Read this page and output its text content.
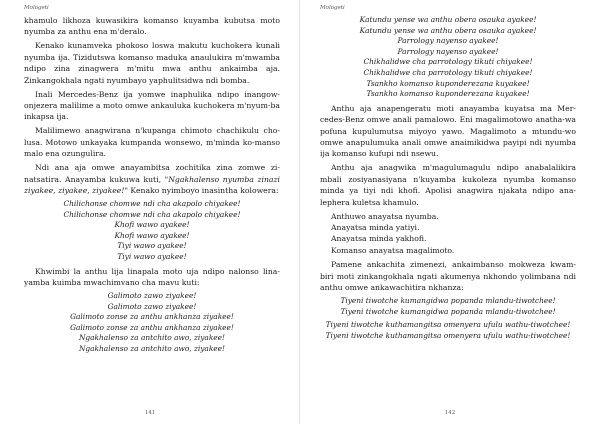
Mologeti

khamulo likhoza kuwasikira komanso kuyamba kubutsa moto nyumba za anthu ena m'deralo.

Kenako kunamveka phokoso loswa makutu kuchokera kunali nyumba ija. Tizidutswa komanso maduka anaulukira m'mwamba ndipo zina zinagwera m'mitu mwa anthu ankaimba aja. Zinkangokhala ngati nyumbayo yaphulitsidwa ndi bomba.

Inali Mercedes-Benz ija yomwe inaphulika ndipo inangow-onjezera malilime a moto omwe ankauluka kuchokera m'nyum-ba inkapsa ija.

Malilimewo anagwirana n'kupanga chimoto chachikulu cho-lusa. Motowo unkayaka kumpanda wonsewo, m'minda ko-manso malo ena ozungulira.

Ndi ana aja omwe anayambitsa zochitika zina zomwe zi-natsatira. Anayamba kukuwa kuti, "Ngakhalenso nyumba zinazi ziyakee, ziyakee, ziyakee!" Kenako nyimboyo inasintha kolowera:

Chilichonse chomwe ndi cha akapolo chiyakee!
Chilichonse chomwe ndi cha akapolo chiyakee!
Khofi wawo ayakee!
Khofi wawo ayakee!
Tiyi wawo ayakee!
Tiyi wawo ayakee!

Khwimbi la anthu lija linapala moto uja ndipo nalonso lina-yamba kuimba mwachimvano cha mavu kuti:

Galimoto zawo ziyakee!
Galimoto zawo ziyakee!
Galimoto zonse za anthu ankhanza ziyakee!
Galimoto zonse za anthu ankhanza ziyakee!
Ngakhalenso za antchito awo, ziyakee!
Ngakhalenso za antchito awo, ziyakee!
141
Mologeti
Katundu yense wa anthu obera osauka ayakee!
Katundu yense wa anthu obera osauka ayakee!
Parrology nayenso ayakee!
Parrology nayenso ayakee!
Chikhalidwe cha parrotology tikuti chiyakee!
Chikhalidwe cha parrotology tikuti chiyakee!
Tsankho komanso kuponderezana kuyakee!
Tsankho komanso kuponderezana kuyakee!

Anthu aja anapengeratu moti anayamba kuyatsa ma Mer-cedes-Benz omwe anali pamalowo. Eni magalimotowo anatha-wa pofuna kupulumutsa miyoyo yawo. Magalimoto a mtundu-wo omwe anapulumuka anali omwe anaimikidwa payipi ndi nyumba ija komanso kufupi ndi nsewu.

Anthu aja anagwika m'magulumagulu ndipo anabalalikira mbali zosiyanasiyana n'kuyamba kukoleza nyumba komanso minda ya tiyi ndi khofi. Apolisi anagwira njakata ndipo ana-lephera kuletsa khamulo.

Anthuwo anayatsa nyumba.
Anayatsa minda yatiyi.
Anayatsa minda yakhofi.
Komanso anayatsa magalimoto.

Pamene ankachita zimenezi, ankaimbanso mokweza kwam-biri moti zinkangokhala ngati akumenya nkhondo yolimbana ndi anthu omwe ankawachitira nkhanza:

Tiyeni tiwotche kumangidwa popanda mlandu-tiwotchee!
Tiyeni tiwotche kumangidwa popanda mlandu-tiwotchee!
Tiyeni tiwotche kuthamangitsa omenyera ufulu wathu-tiwotchee!
Tiyeni tiwotche kuthamangitsa omenyera ufulu wathu-tiwotchee!
142
